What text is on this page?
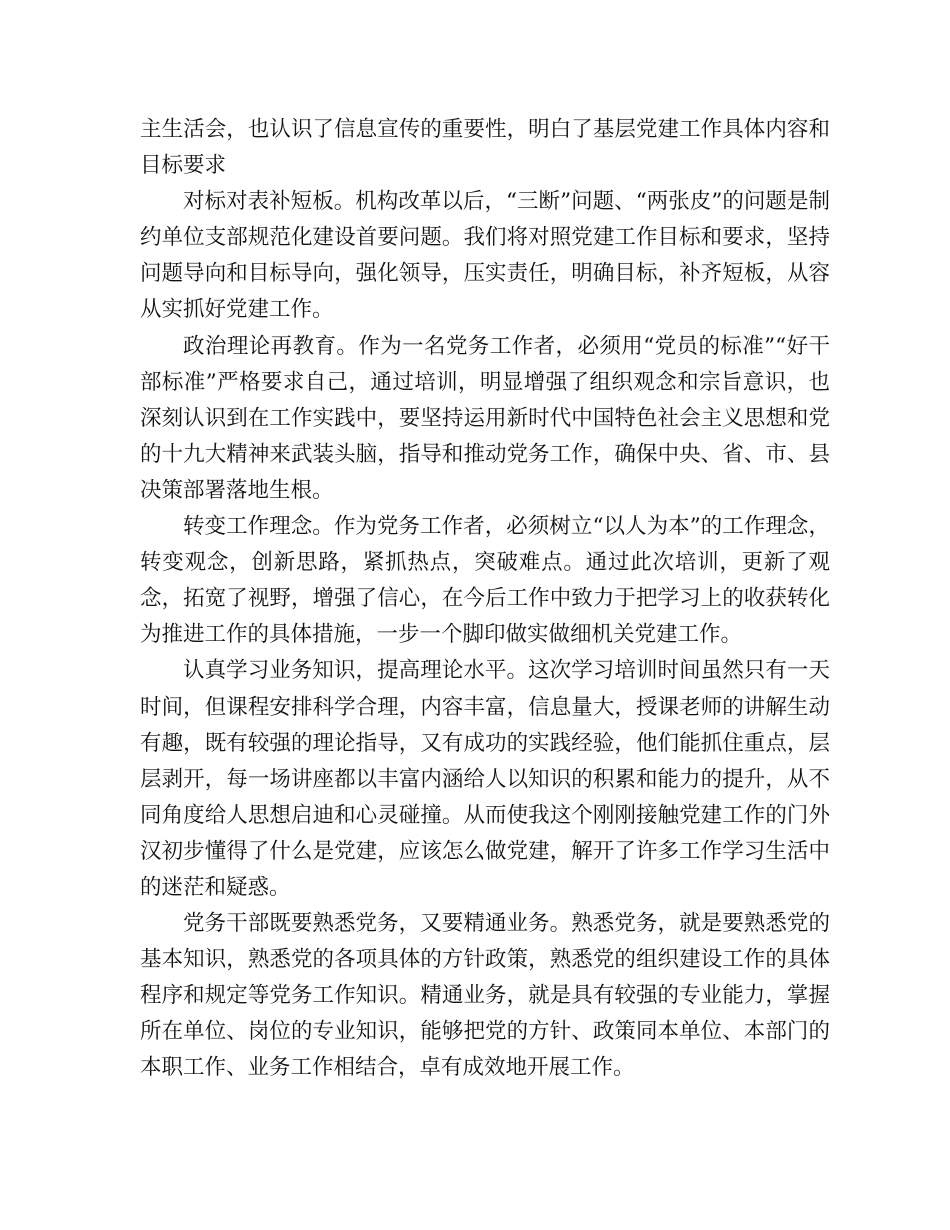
主生活会，也认识了信息宣传的重要性，明白了基层党建工作具体内容和目标要求

对标对表补短板。机构改革以后，“三断”问题、“两张皮”的问题是制约单位支部规范化建设首要问题。我们将对照党建工作目标和要求，坚持问题导向和目标导向，强化领导，压实责任，明确目标，补齐短板，从容从实抓好党建工作。

政治理论再教育。作为一名党务工作者，必须用“党员的标准”“好干部标准”严格要求自己，通过培训，明显增强了组织观念和宗旨意识，也深刻认识到在工作实践中，要坚持运用新时代中国特色社会主义思想和党的十九大精神来武装头脑，指导和推动党务工作，确保中央、省、市、县决策部署落地生根。

转变工作理念。作为党务工作者，必须树立“以人为本”的工作理念，转变观念，创新思路，紧抓热点，突破难点。通过此次培训，更新了观念，拓宽了视野，增强了信心，在今后工作中致力于把学习上的收获转化为推进工作的具体措施，一步一个脚印做实做细机关党建工作。

认真学习业务知识，提高理论水平。这次学习培训时间虽然只有一天时间，但课程安排科学合理，内容丰富，信息量大，授课老师的讲解生动有趣，既有较强的理论指导，又有成功的实践经验，他们能抓住重点，层层剥开，每一场讲座都以丰富内涵给人以知识的积累和能力的提升，从不同角度给人思想启迪和心灵碰撞。从而使我这个刚刚接触党建工作的门外汉初步懂得了什么是党建，应该怎么做党建，解开了许多工作学习生活中的迷茫和疑惑。

党务干部既要熟悉党务，又要精通业务。熟悉党务，就是要熟悉党的基本知识，熟悉党的各项具体的方针政策，熟悉党的组织建设工作的具体程序和规定等党务工作知识。精通业务，就是具有较强的专业能力，掌握所在单位、岗位的专业知识，能够把党的方针、政策同本单位、本部门的本职工作、业务工作相结合，卓有成效地开展工作。
